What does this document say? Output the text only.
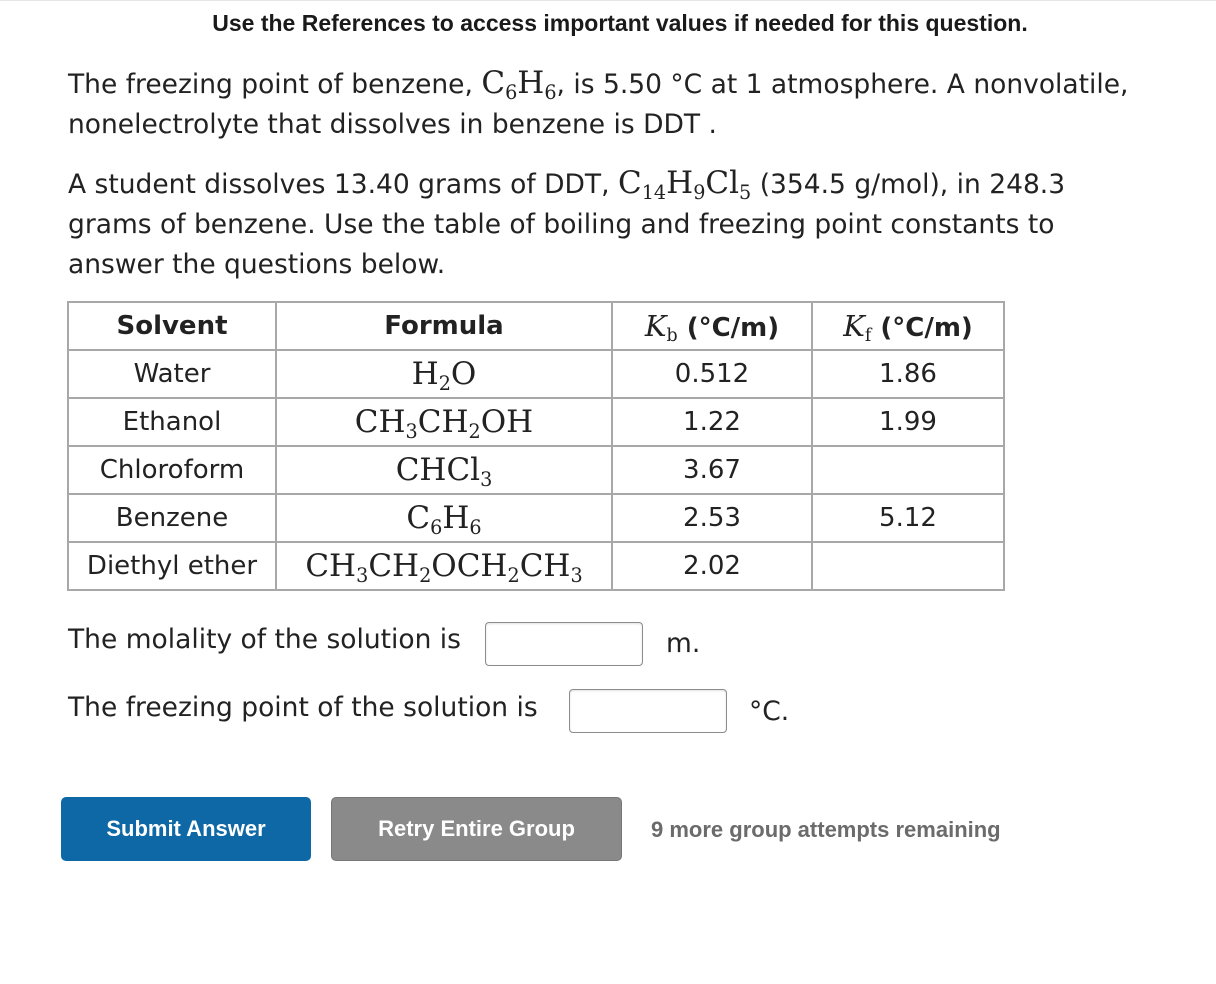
Use the References to access important values if needed for this question.
The freezing point of benzene, $C_6H_6$, is 5.50 °C at 1 atmosphere. A nonvolatile, nonelectrolyte that dissolves in benzene is DDT .
A student dissolves 13.40 grams of DDT, $C_{14}H_9Cl_5$ (354.5 g/mol), in 248.3 grams of benzene. Use the table of boiling and freezing point constants to answer the questions below.
Solvent	Formula	$K_b$ (°C/m)	$K_f$ (°C/m)
Water	$H_2O$	0.512	1.86
Ethanol	$CH_3CH_2OH$	1.22	1.99
Chloroform	CHCl$_3$	3.67	
Benzene	$C_6H_6$	2.53	5.12
Diethyl ether	$CH_3CH_2OCH_2CH_3$	2.02	
The molality of the solution is	m.
The freezing point of the solution is	°C.
Submit Answer	Retry Entire Group	9 more group attempts remaining
